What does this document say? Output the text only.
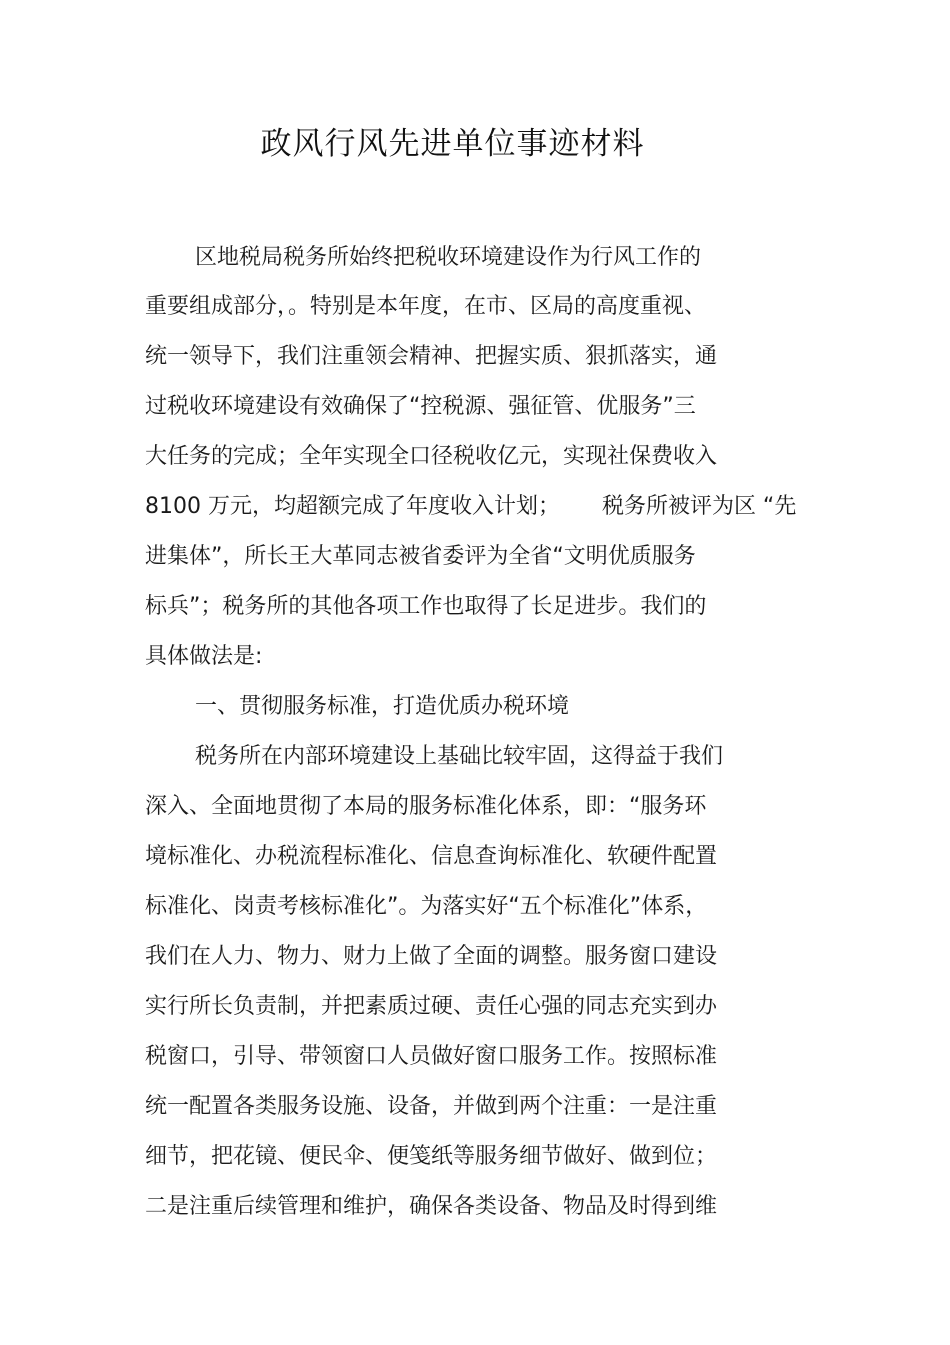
政风行风先进单位事迹材料
区地税局税务所始终把税收环境建设作为行风工作的
重要组成部分，。特别是本年度，在市、区局的高度重视、
统一领导下，我们注重领会精神、把握实质、狠抓落实，通
过税收环境建设有效确保了“控税源、强征管、优服务”三
大任务的完成；全年实现全口径税收亿元，实现社保费收入
8100 万元，均超额完成了年度收入计划；      税务所被评为区 “先
进集体”，所长王大革同志被省委评为全省“文明优质服务
标兵”；税务所的其他各项工作也取得了长足进步。我们的
具体做法是:
一、贯彻服务标准，打造优质办税环境
税务所在内部环境建设上基础比较牢固，这得益于我们
深入、全面地贯彻了本局的服务标准化体系，即：“服务环
境标准化、办税流程标准化、信息查询标准化、软硬件配置
标准化、岗责考核标准化”。为落实好“五个标准化”体系，
我们在人力、物力、财力上做了全面的调整。服务窗口建设
实行所长负责制，并把素质过硬、责任心强的同志充实到办
税窗口，引导、带领窗口人员做好窗口服务工作。按照标准
统一配置各类服务设施、设备，并做到两个注重：一是注重
细节，把花镜、便民伞、便笺纸等服务细节做好、做到位；
二是注重后续管理和维护，确保各类设备、物品及时得到维
